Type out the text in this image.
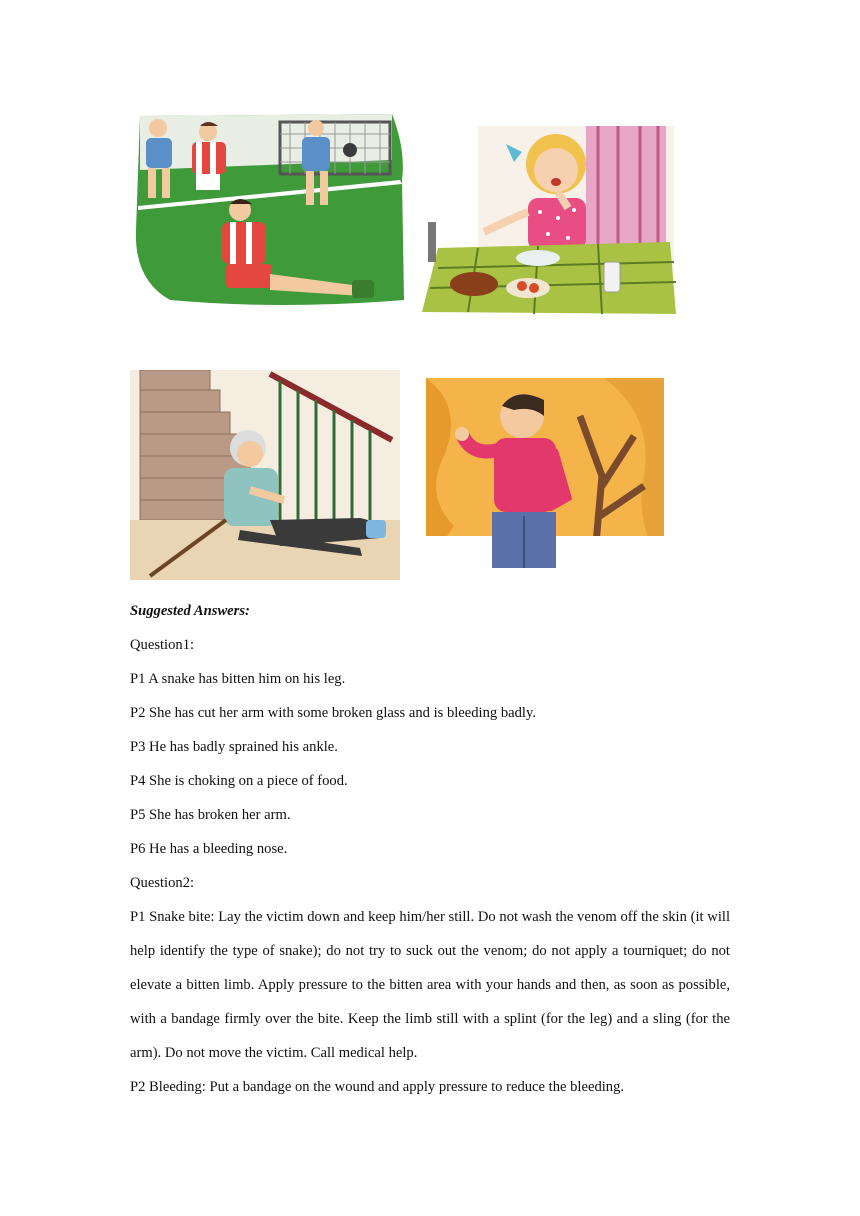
Suggested Answers:

Question1:

P1 A snake has bitten him on his leg.

P2 She has cut her arm with some broken glass and is bleeding badly.

P3 He has badly sprained his ankle.

P4 She is choking on a piece of food.

P5 She has broken her arm.

P6 He has a bleeding nose.

Question2:

P1 Snake bite: Lay the victim down and keep him/her still. Do not wash the venom off the skin (it will help identify the type of snake); do not try to suck out the venom; do not apply a tourniquet; do not elevate a bitten limb. Apply pressure to the bitten area with your hands and then, as soon as possible, with a bandage firmly over the bite. Keep the limb still with a splint (for the leg) and a sling (for the arm). Do not move the victim. Call medical help.

P2 Bleeding: Put a bandage on the wound and apply pressure to reduce the bleeding.
